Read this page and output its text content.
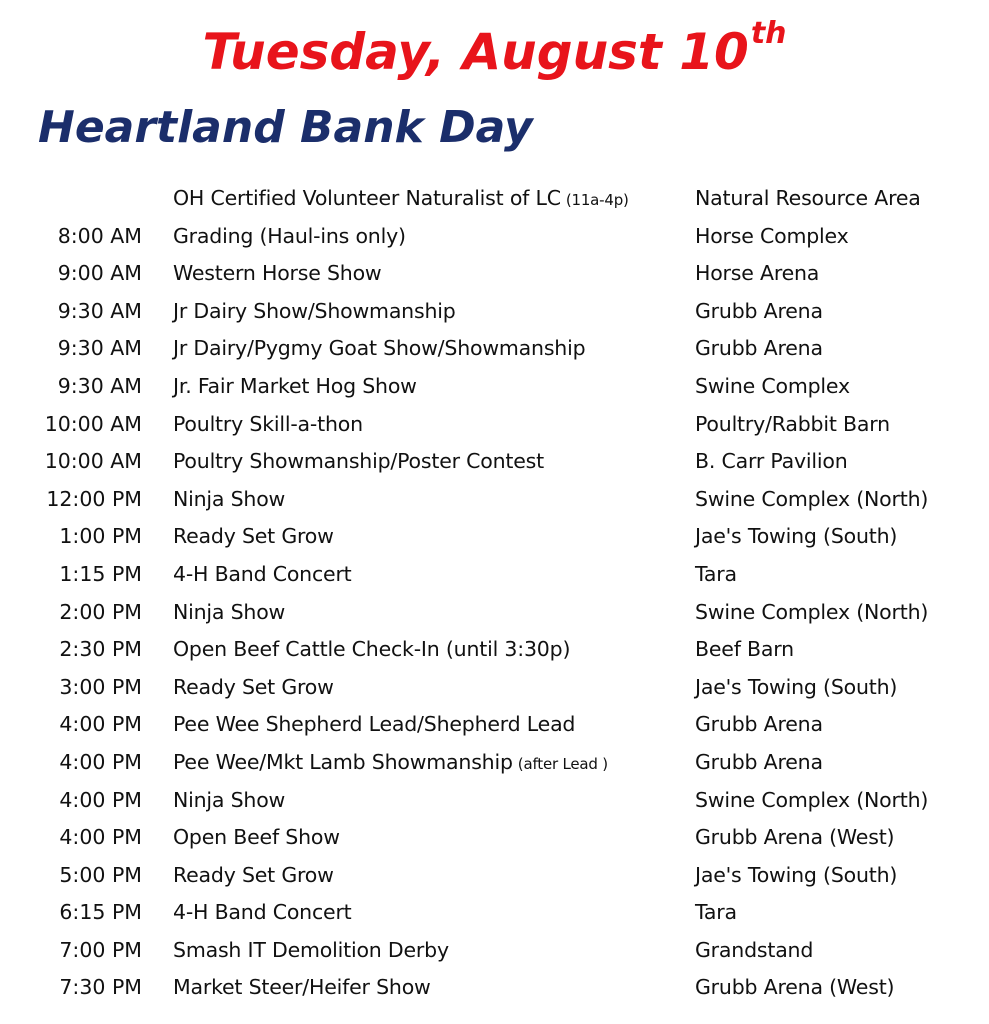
Tuesday, August 10th
Heartland Bank Day
OH Certified Volunteer Naturalist of LC (11a-4p)	Natural Resource Area
8:00 AM Grading (Haul-ins only)	Horse Complex
9:00 AM Western Horse Show	Horse Arena
9:30 AM Jr Dairy Show/Showmanship	Grubb Arena
9:30 AM Jr Dairy/Pygmy Goat Show/Showmanship	Grubb Arena
9:30 AM Jr. Fair Market Hog Show	Swine Complex
10:00 AM Poultry Skill-a-thon	Poultry/Rabbit Barn
10:00 AM Poultry Showmanship/Poster Contest	B. Carr Pavilion
12:00 PM Ninja Show	Swine Complex (North)
1:00 PM Ready Set Grow	Jae's Towing (South)
1:15 PM 4-H Band Concert	Tara
2:00 PM Ninja Show	Swine Complex (North)
2:30 PM Open Beef Cattle Check-In (until 3:30p)	Beef Barn
3:00 PM Ready Set Grow	Jae's Towing (South)
4:00 PM Pee Wee Shepherd Lead/Shepherd Lead	Grubb Arena
4:00 PM Pee Wee/Mkt Lamb Showmanship (after Lead )	Grubb Arena
4:00 PM Ninja Show	Swine Complex (North)
4:00 PM Open Beef Show	Grubb Arena (West)
5:00 PM Ready Set Grow	Jae's Towing (South)
6:15 PM 4-H Band Concert	Tara
7:00 PM Smash IT Demolition Derby	Grandstand
7:30 PM Market Steer/Heifer Show	Grubb Arena (West)
